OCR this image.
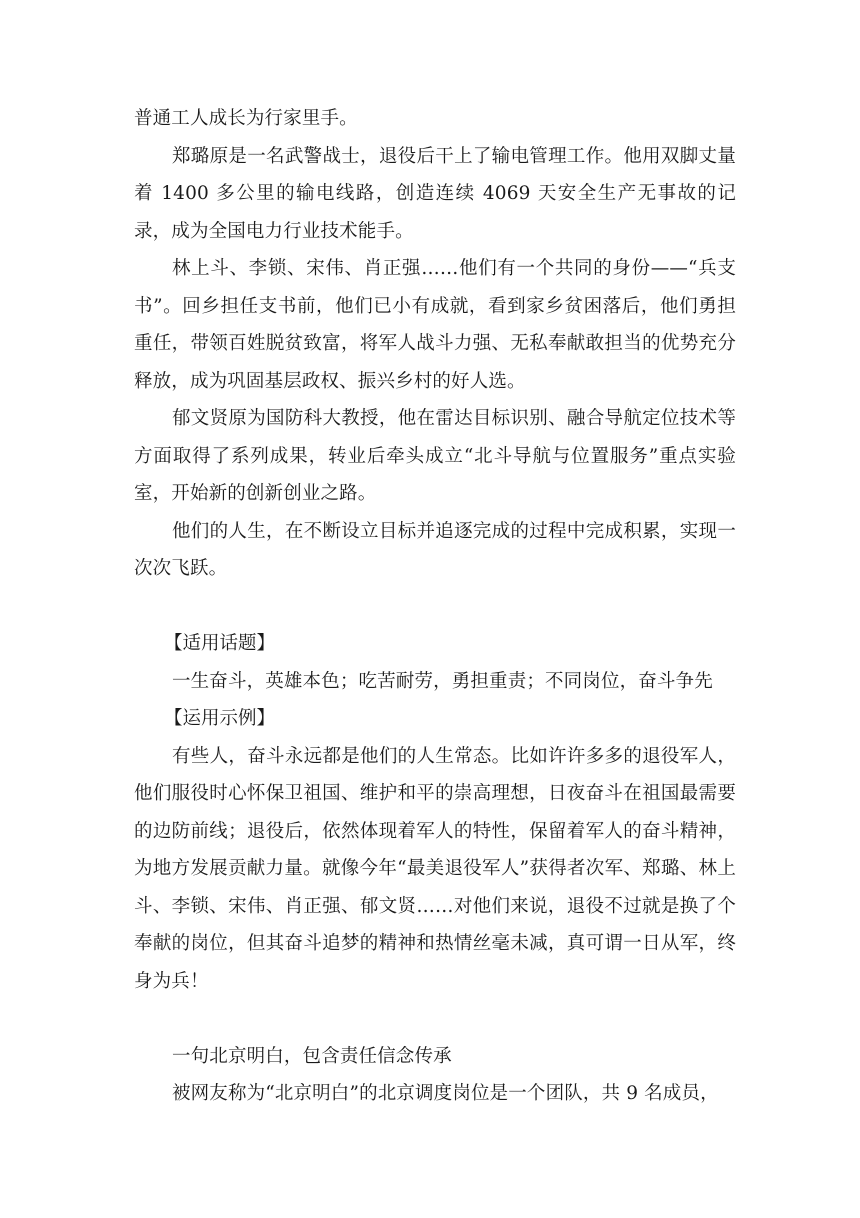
普通工人成长为行家里手。

郑璐原是一名武警战士，退役后干上了输电管理工作。他用双脚丈量着 1400 多公里的输电线路，创造连续 4069 天安全生产无事故的记录，成为全国电力行业技术能手。

林上斗、李锁、宋伟、肖正强……他们有一个共同的身份——“兵支书”。回乡担任支书前，他们已小有成就，看到家乡贫困落后，他们勇担重任，带领百姓脱贫致富，将军人战斗力强、无私奉献敢担当的优势充分释放，成为巩固基层政权、振兴乡村的好人选。

郁文贤原为国防科大教授，他在雷达目标识别、融合导航定位技术等方面取得了系列成果，转业后牵头成立“北斗导航与位置服务”重点实验室，开始新的创新创业之路。

他们的人生，在不断设立目标并追逐完成的过程中完成积累，实现一次次飞跃。

【适用话题】

一生奋斗，英雄本色；吃苦耐劳，勇担重责；不同岗位，奋斗争先

【运用示例】

有些人，奋斗永远都是他们的人生常态。比如许许多多的退役军人，他们服役时心怀保卫祖国、维护和平的崇高理想，日夜奋斗在祖国最需要的边防前线；退役后，依然体现着军人的特性，保留着军人的奋斗精神，为地方发展贡献力量。就像今年“最美退役军人”获得者次军、郑璐、林上斗、李锁、宋伟、肖正强、郁文贤……对他们来说，退役不过就是换了个奉献的岗位，但其奋斗追梦的精神和热情丝毫未减，真可谓一日从军，终身为兵！

一句北京明白，包含责任信念传承

被网友称为“北京明白”的北京调度岗位是一个团队，共 9 名成员，
